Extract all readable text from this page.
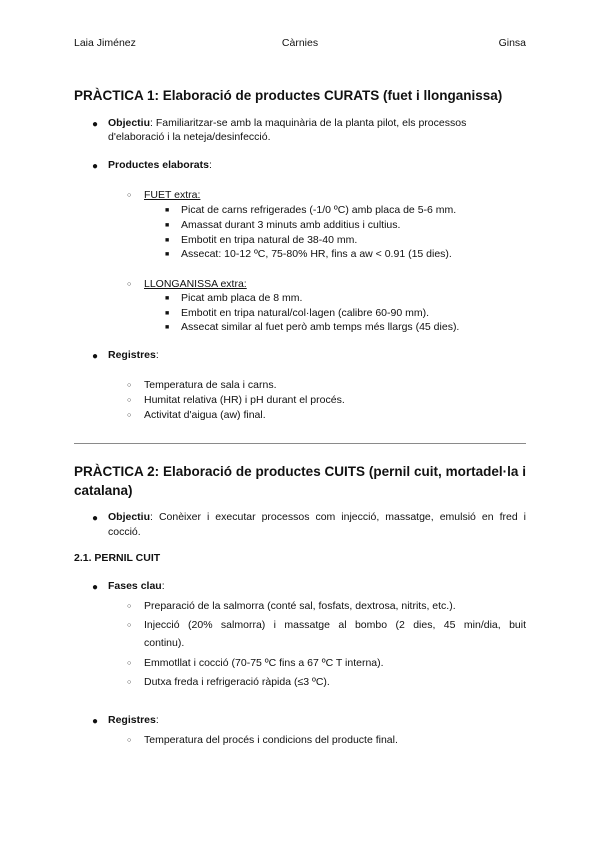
Laia Jiménez	Càrnies	Ginsa
PRÀCTICA 1: Elaboració de productes CURATS (fuet i llonganissa)
● Objectiu: Familiaritzar-se amb la maquinària de la planta pilot, els processos
d'elaboració i la neteja/desinfecció.
● Productes elaborats:
○ FUET extra:
■ Picat de carns refrigerades (-1/0 ºC) amb placa de 5-6 mm.
■ Amassat durant 3 minuts amb additius i cultius.
■ Embotit en tripa natural de 38-40 mm.
■ Assecat: 10-12 ºC, 75-80% HR, fins a aw < 0.91 (15 dies).
○ LLONGANISSA extra:
■ Picat amb placa de 8 mm.
■ Embotit en tripa natural/col·lagen (calibre 60-90 mm).
■ Assecat similar al fuet però amb temps més llargs (45 dies).
● Registres:
○ Temperatura de sala i carns.
○ Humitat relativa (HR) i pH durant el procés.
○ Activitat d'aigua (aw) final.
PRÀCTICA 2: Elaboració de productes CUITS (pernil cuit, mortadel·la i
catalana)
● Objectiu: Conèixer i executar processos com injecció, massatge, emulsió en fred i
cocció.
2.1. PERNIL CUIT
● Fases clau:
○ Preparació de la salmorra (conté sal, fosfats, dextrosa, nitrits, etc.).
○ Injecció (20% salmorra) i massatge al bombo (2 dies, 45 min/dia, buit
continu).
○ Emmotllat i cocció (70-75 ºC fins a 67 ºC T interna).
○ Dutxa freda i refrigeració ràpida (≤3 ºC).
● Registres:
○ Temperatura del procés i condicions del producte final.
